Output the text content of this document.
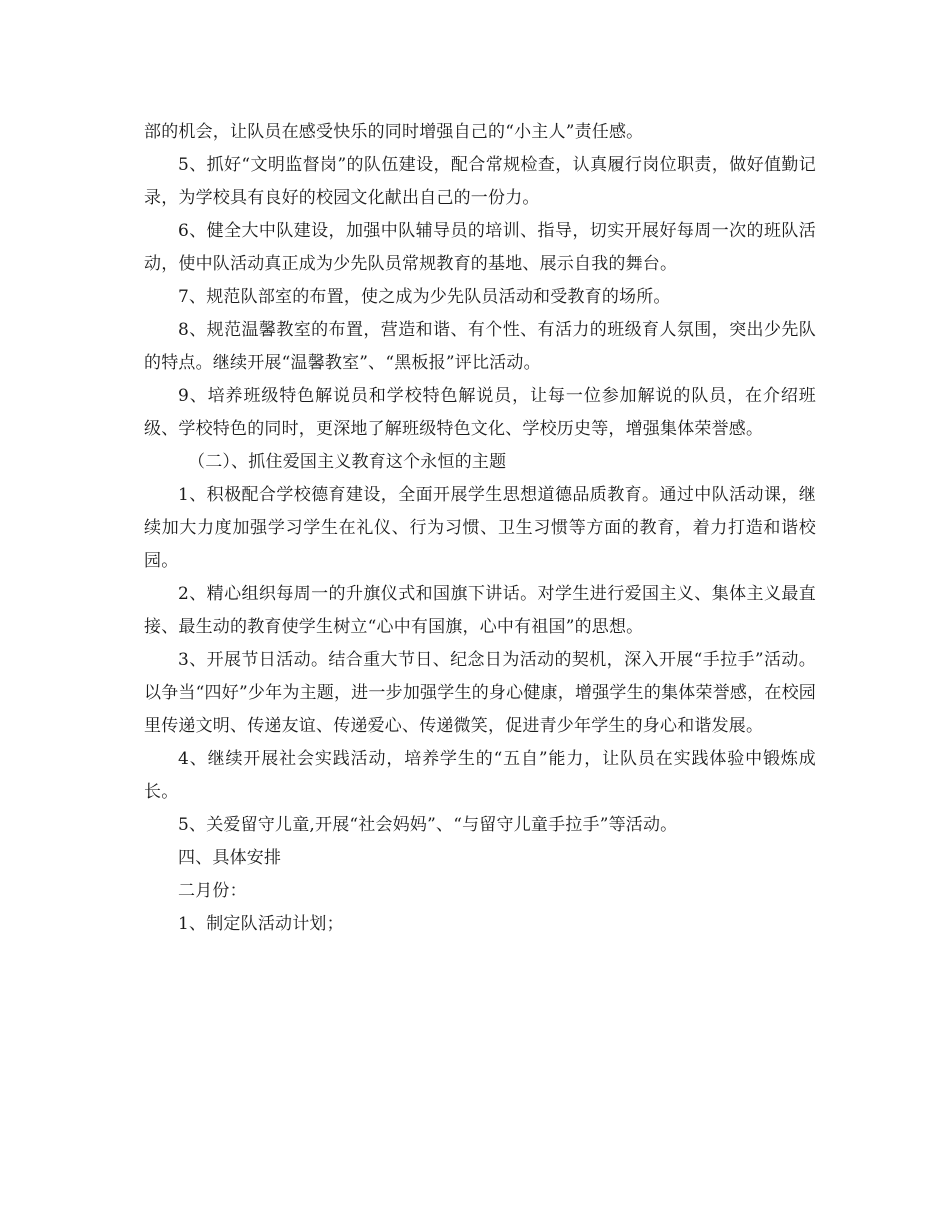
部的机会，让队员在感受快乐的同时增强自己的“小主人”责任感。

5、抓好“文明监督岗”的队伍建设，配合常规检查，认真履行岗位职责，做好值勤记录，为学校具有良好的校园文化献出自己的一份力。

6、健全大中队建设，加强中队辅导员的培训、指导，切实开展好每周一次的班队活动，使中队活动真正成为少先队员常规教育的基地、展示自我的舞台。

7、规范队部室的布置，使之成为少先队员活动和受教育的场所。

8、规范温馨教室的布置，营造和谐、有个性、有活力的班级育人氛围，突出少先队的特点。继续开展“温馨教室”、“黑板报”评比活动。

9、培养班级特色解说员和学校特色解说员，让每一位参加解说的队员，在介绍班级、学校特色的同时，更深地了解班级特色文化、学校历史等，增强集体荣誉感。

（二）、抓住爱国主义教育这个永恒的主题

1、积极配合学校德育建设，全面开展学生思想道德品质教育。通过中队活动课，继续加大力度加强学习学生在礼仪、行为习惯、卫生习惯等方面的教育，着力打造和谐校园。

2、精心组织每周一的升旗仪式和国旗下讲话。对学生进行爱国主义、集体主义最直接、最生动的教育使学生树立“心中有国旗，心中有祖国”的思想。

3、开展节日活动。结合重大节日、纪念日为活动的契机，深入开展“手拉手”活动。以争当“四好”少年为主题，进一步加强学生的身心健康，增强学生的集体荣誉感，在校园里传递文明、传递友谊、传递爱心、传递微笑，促进青少年学生的身心和谐发展。

4、继续开展社会实践活动，培养学生的“五自”能力，让队员在实践体验中锻炼成长。

5、关爱留守儿童,开展“社会妈妈”、“与留守儿童手拉手”等活动。

四、具体安排

二月份：

1、制定队活动计划；
